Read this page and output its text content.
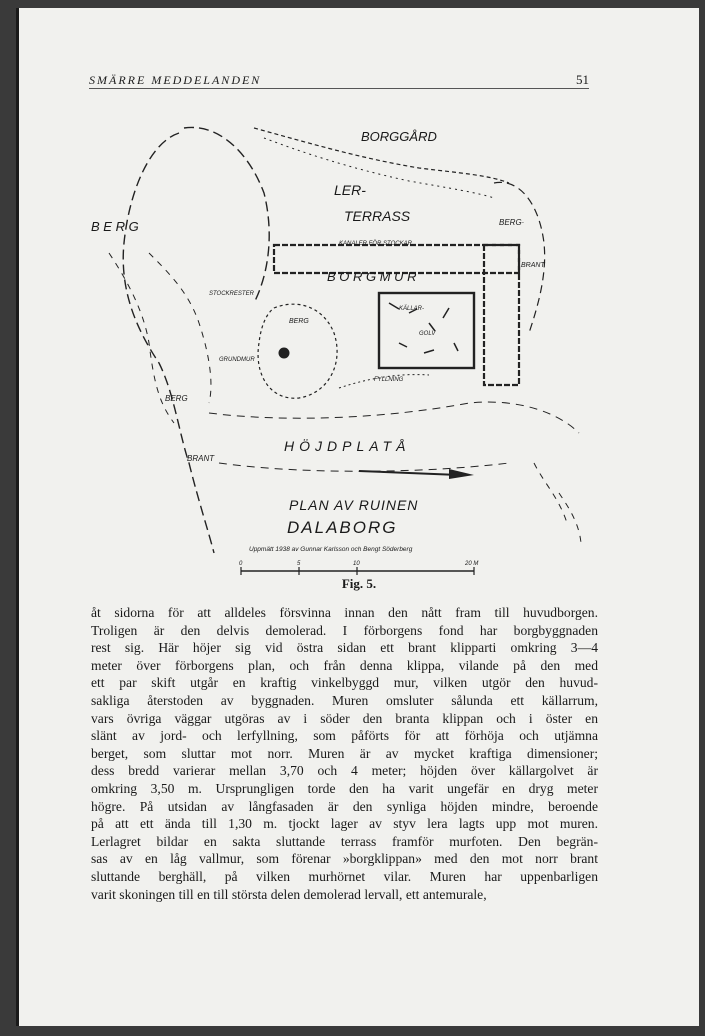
SMÄRRE MEDDELANDEN	51
BORGGÅRD
B E R G
LER-
TERRASS	BERG·
KANALER FÖR STOCKAR
BRANT
B O R G M U R
STOCKRESTER
BERG
KÄLLAR-
GOLV
GRUNDMUR
FYLLNING
BERG
BRANT
HÖJDPLATÅ
PLAN AV RUINEN
DALABORG
Uppmätt 1938 av Gunnar Karlsson och Bengt Söderberg
0	5	10	20 M
Fig. 5.
åt sidorna för att alldeles försvinna innan den nått fram till huvudborgen.
Troligen är den delvis demolerad. I förborgens fond har borgbyggnaden
rest sig. Här höjer sig vid östra sidan ett brant klipparti omkring 3—4
meter över förborgens plan, och från denna klippa, vilande på den med
ett par skift utgår en kraftig vinkelbyggd mur, vilken utgör den huvud-
sakliga återstoden av byggnaden. Muren omsluter sålunda ett källarrum,
vars övriga väggar utgöras av i söder den branta klippan och i öster en
slänt av jord- och lerfyllning, som påförts för att förhöja och utjämna
berget, som sluttar mot norr. Muren är av mycket kraftiga dimensioner;
dess bredd varierar mellan 3,70 och 4 meter; höjden över källargolvet är
omkring 3,50 m. Ursprungligen torde den ha varit ungefär en dryg meter
högre. På utsidan av långfasaden är den synliga höjden mindre, beroende
på att ett ända till 1,30 m. tjockt lager av styv lera lagts upp mot muren.
Lerlagret bildar en sakta sluttande terrass framför murfoten. Den begrän-
sas av en låg vallmur, som förenar »borgklippan» med den mot norr brant
sluttande berghäll, på vilken murhörnet vilar. Muren har uppenbarligen
varit skoningen till en till största delen demolerad lervall, ett antemurale,
